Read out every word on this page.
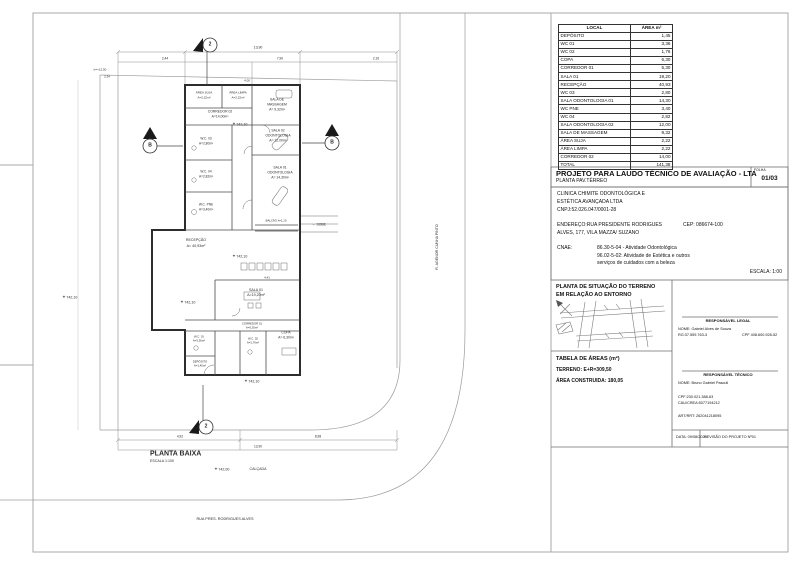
LOCAL	ÁREA m²
DEPÓSITO	1,45
WC 01	3,36
WC 02	1,76
COPA	6,30
CORREDOR 01	5,30
SALA 01	19,20
RECEPÇÃO	40,93
WC 03	2,80
SALA ODONTOLOGIA 01	14,30
WC PNE	3,40
WC 04	2,82
SALA ODONTOLOGIA 02	12,00
SALA DE MASSAGEM	9,32
ÁREA SUJA	2,22
ÁREA LIMPA	2,22
CORREDOR 02	14,00
TOTAL	141,38
PROJETO PARA LAUDO TÉCNICO DE AVALIAÇÃO - LTA
PLANTA PAV.TÉRREO
FOLHA
01/03
CLINICA CHIMITE ODONTOLÓGICA E
ESTÉTICA AVANÇADA LTDA
CNPJ:52.026.047/0001-28
ENDEREÇO:RUA PRESIDENTE RODRIGUES	CEP: 086674-100
ALVES, 177, VILA MAZZA/ SUZANO
CNAE:	86.30-5-04 - Atividade Odontológica
96.02-5-02: Atividade de Estética e outros
serviços de cuidados com a beleza
ESCALA: 1:00
PLANTA DE SITUAÇÃO DO TERRENO
EM RELAÇÃO AO ENTORNO
TABELA DE ÁREAS (m²)
TERRENO: E+R=309,50
ÁREA CONSTRUIDA: 180,05
RESPONSÁVEL LEGAL
NOME: Gabriel Alves de Souza
RG:37.559.763-3	CPF 408.600.928-52
RESPONSÁVEL TÉCNICO
NOME: Bruno Gabriel Pasculi
CPF:230.021.388-63
CAU/CREA:5077194212
ART/RRT: 262041218095
DATA: 09/08/2024
REVISÃO DO PROJETO Nº01
2
B	B
2
13,90
2,44	7,90	2,16
h=+12,50
2,34
4,00
ÁREA SUJA
A=2,22m²
ÁREA LIMPA
A=2,22m²	SALA DE
MASSAGEM
A= 9,32m²
CORREDOR 02
A=14,00m²
+742,10
W.C. 03
A=2,80m²
SALA 02
ODONTOLOGIA
A= 12,00m²
W.C. 04
A=2,82m²
SALA 01
ODONTOLOGIA
A= 14,30m²
W.C. PNE
A=3,40m²
BALCÃO h=1,10
← SOBE
RECEPÇÃO
A= 40,93m²
+742,10
4,41
SALA 01
A=19,20m²
+742,10
+742,10
CORREDOR 01
A=5,30m²
W.C. 01
A=3,36m²	W.C. 02
A=1,76m²
COPA
A= 6,30m²
DEPÓSITO
A=1,45m²
+742,10
4,92	8,98
13,90
PLANTA BAIXA
ESCALA 1:100
+742,00	CALÇADA
R. AGENOR CUNHA PINTO
RUA PRES. RODRIGUES ALVES
